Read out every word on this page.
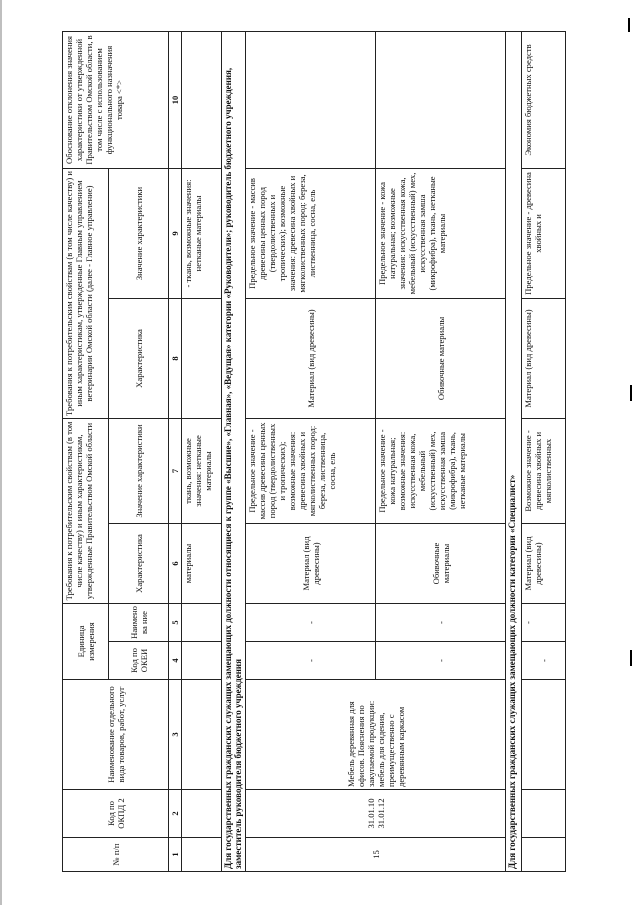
№ п/п	Код по ОКПД 2	Наименование отдельного вида товаров, работ, услуг	Единица измерения		Требования к потребительским свойствам (в том числе качеству) и иным характеристикам, утвержденные Правительством Омской области		Требования к потребительским свойствам (в том числе качеству) и иным характеристикам, утвержденные Главным управлением ветеринарии Омской области (далее - Главное управление)		Обоснование отклонения значения характеристики от утвержденной Правительством Омской области, в том числе с использованием функционального назначения товара <*>
			Код по ОКЕИ	Наименова ние	Характеристика	Значение характеристики	Характеристика	Значение характеристики	
1	2	3	4	5	6	7	8	9	10
					материалы	ткань, возможные значения: нетканые материалы		- ткань, возможные значения: нетканые материалы	
Для государственных гражданских служащих замещающих должности относящиеся к группе «Высшие», «Главная», «Ведущая» категории «Руководители»; руководитель бюджетного учреждения, заместитель руководителя бюджетного учреждения									
15	31.01.10 31.01.12	Мебель деревянная для офисов. Пояснения по закупаемой продукции: мебель для сидения, преимущественно с деревянным каркасом	-	-	Материал (вид древесины)	Предельное значение - массив древесины ценных пород (твердолиственных и тропических); возможные значения: древесина хвойных и мягколиственных пород: береза, лиственница, сосна, ель	Материал (вид древесины)	Предельное значение - массив древесины ценных пород (твердолиственных и тропических); возможные значения: древесина хвойных и мягколиственных пород: береза, лиственница, сосна, ель	
			-	-	Обивочные материалы	Предельное значение - кожа натуральная; возможные значения: искусственная кожа, мебельный (искусственный) мех, искусственная замша (микрофибра), ткань, нетканые материалы	Обивочные материалы	Предельное значение - кожа натуральная; возможные значения: искусственная кожа, мебельный (искусственный) мех, искусственная замша (микрофибра), ткань, нетканые материалы	
Для государственных гражданских служащих замещающих должности категории «Специалист»									
			-	-	Материал (вид древесины)	Возможное значение - древесина хвойных и мягколиственных	Материал (вид древесины)	Предельное значение - древесина хвойных и	Экономия бюджетных средств
